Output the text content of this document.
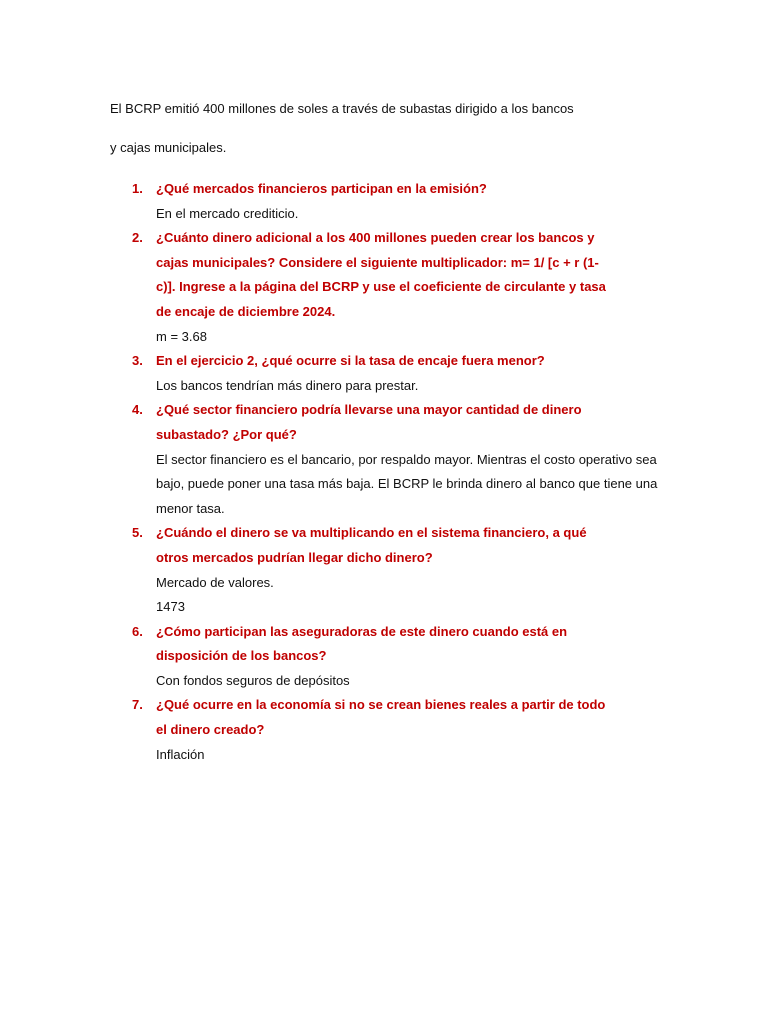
El BCRP emitió 400 millones de soles a través de subastas dirigido a los bancos

y cajas municipales.

1.	¿Qué mercados financieros participan en la emisión?

En el mercado crediticio.

2.	¿Cuánto dinero adicional a los 400 millones pueden crear los bancos y
cajas municipales? Considere el siguiente multiplicador: m= 1/ [c + r (1-
c)]. Ingrese a la página del BCRP y use el coeficiente de circulante y tasa
de encaje de diciembre 2024.

m = 3.68

3.	En el ejercicio 2, ¿qué ocurre si la tasa de encaje fuera menor?

Los bancos tendrían más dinero para prestar.

4.	¿Qué sector financiero podría llevarse una mayor cantidad de dinero
subastado? ¿Por qué?

El sector financiero es el bancario, por respaldo mayor. Mientras el costo operativo sea bajo, puede poner una tasa más baja. El BCRP le brinda dinero al banco que tiene una menor tasa.

5.	¿Cuándo el dinero se va multiplicando en el sistema financiero, a qué
otros mercados pudrían llegar dicho dinero?

Mercado de valores.

1473

6.	¿Cómo participan las aseguradoras de este dinero cuando está en
disposición de los bancos?

Con fondos seguros de depósitos

7.	¿Qué ocurre en la economía si no se crean bienes reales a partir de todo
el dinero creado?

Inflación
